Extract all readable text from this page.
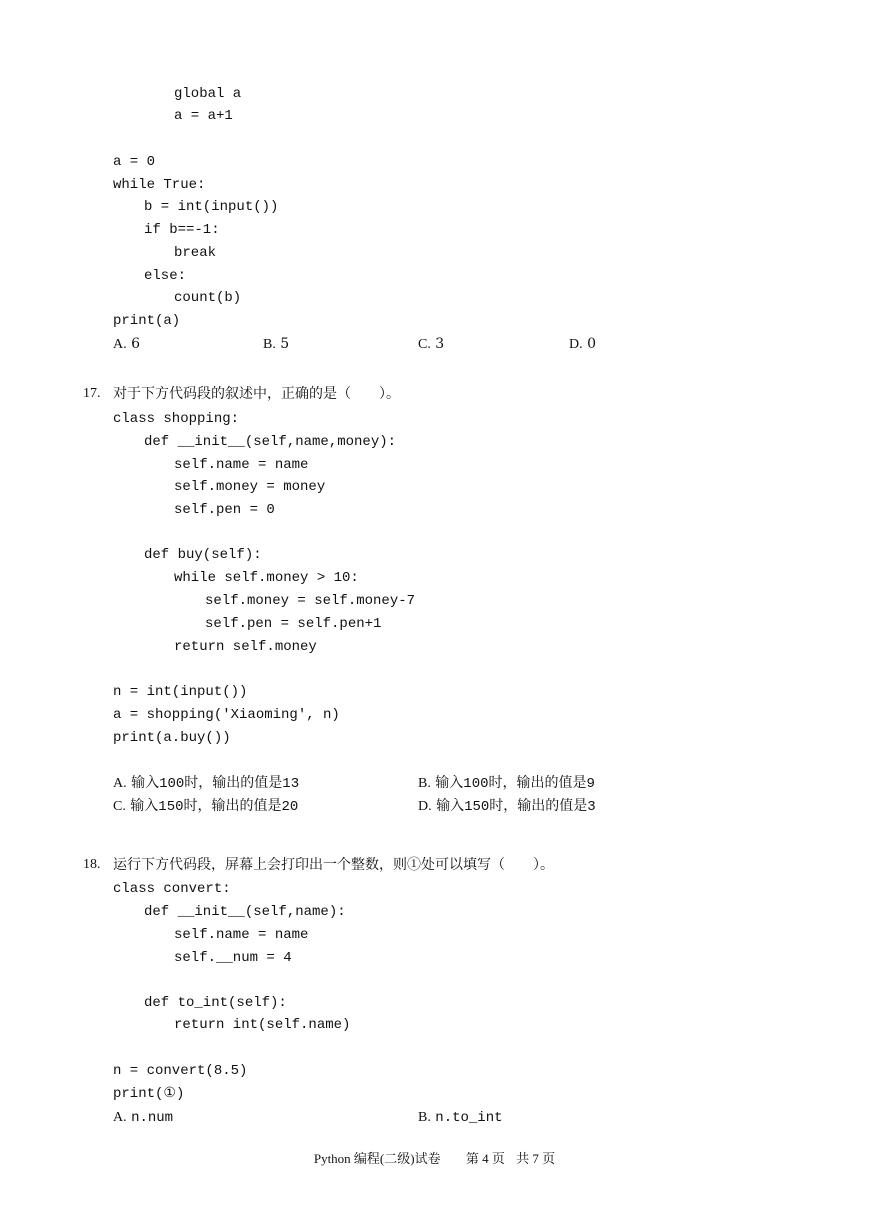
global a
a = a+1
a = 0
while True:
b = int(input())
if b==-1:
break
else:
count(b)
print(a)
A. 6	B. 5	C. 3	D. 0
17. 对于下方代码段的叙述中，正确的是（　　）。
class shopping:
def __init__(self,name,money):
self.name = name
self.money = money
self.pen = 0
def buy(self):
while self.money > 10:
self.money = self.money-7
self.pen = self.pen+1
return self.money
n = int(input())
a = shopping('Xiaoming', n)
print(a.buy())
A. 输入100时，输出的值是13	B. 输入100时，输出的值是9
C. 输入150时，输出的值是20	D. 输入150时，输出的值是3
18. 运行下方代码段，屏幕上会打印出一个整数，则①处可以填写（　　）。
class convert:
def __init__(self,name):
self.name = name
self.__num = 4
def to_int(self):
return int(self.name)
n = convert(8.5)
print(①)
A. n.num	B. n.to_int
Python 编程(二级)试卷 第 4 页 共 7 页
